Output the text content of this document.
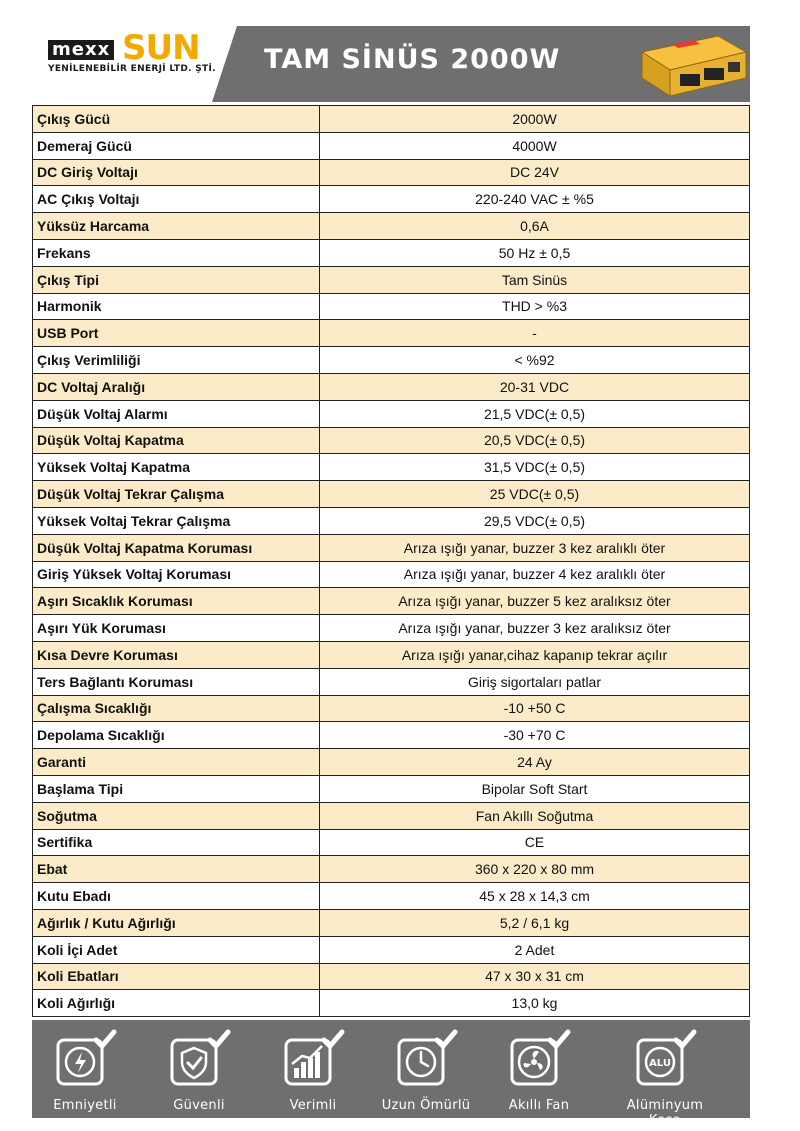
mexx SUN
YENİLENEBİLİR ENERJİ LTD. ŞTİ. TAM SİNÜS 2000W
Çıkış Gücü	2000W
Demeraj Gücü	4000W
DC Giriş Voltajı	DC 24V
AC Çıkış Voltajı	220-240 VAC ± %5
Yüksüz Harcama	0,6A
Frekans	50 Hz ± 0,5
Çıkış Tipi	Tam Sinüs
Harmonik	THD > %3
USB Port	-
Çıkış Verimliliği	< %92
DC Voltaj Aralığı	20-31 VDC
Düşük Voltaj Alarmı	21,5 VDC(± 0,5)
Düşük Voltaj Kapatma	20,5 VDC(± 0,5)
Yüksek Voltaj Kapatma	31,5 VDC(± 0,5)
Düşük Voltaj Tekrar Çalışma	25 VDC(± 0,5)
Yüksek Voltaj Tekrar Çalışma	29,5 VDC(± 0,5)
Düşük Voltaj Kapatma Koruması	Arıza ışığı yanar, buzzer 3 kez aralıklı öter
Giriş Yüksek Voltaj Koruması	Arıza ışığı yanar, buzzer 4 kez aralıklı öter
Aşırı Sıcaklık Koruması	Arıza ışığı yanar, buzzer 5 kez aralıksız öter
Aşırı Yük Koruması	Arıza ışığı yanar, buzzer 3 kez aralıksız öter
Kısa Devre Koruması	Arıza ışığı yanar,cihaz kapanıp tekrar açılır
Ters Bağlantı Koruması	Giriş sigortaları patlar
Çalışma Sıcaklığı	-10 +50 C
Depolama Sıcaklığı	-30 +70 C
Garanti	24 Ay
Başlama Tipi	Bipolar Soft Start
Soğutma	Fan Akıllı Soğutma
Sertifika	CE
Ebat	360 x 220 x 80 mm
Kutu Ebadı	45 x 28 x 14,3 cm
Ağırlık / Kutu Ağırlığı	5,2 / 6,1 kg
Koli İçi Adet	2 Adet
Koli Ebatları	47 x 30 x 31 cm
Koli Ağırlığı	13,0 kg
Emniyetli	Güvenli	Verimli	Uzun Ömürlü	Akıllı Fan
ALU
Alüminyum Kasa
